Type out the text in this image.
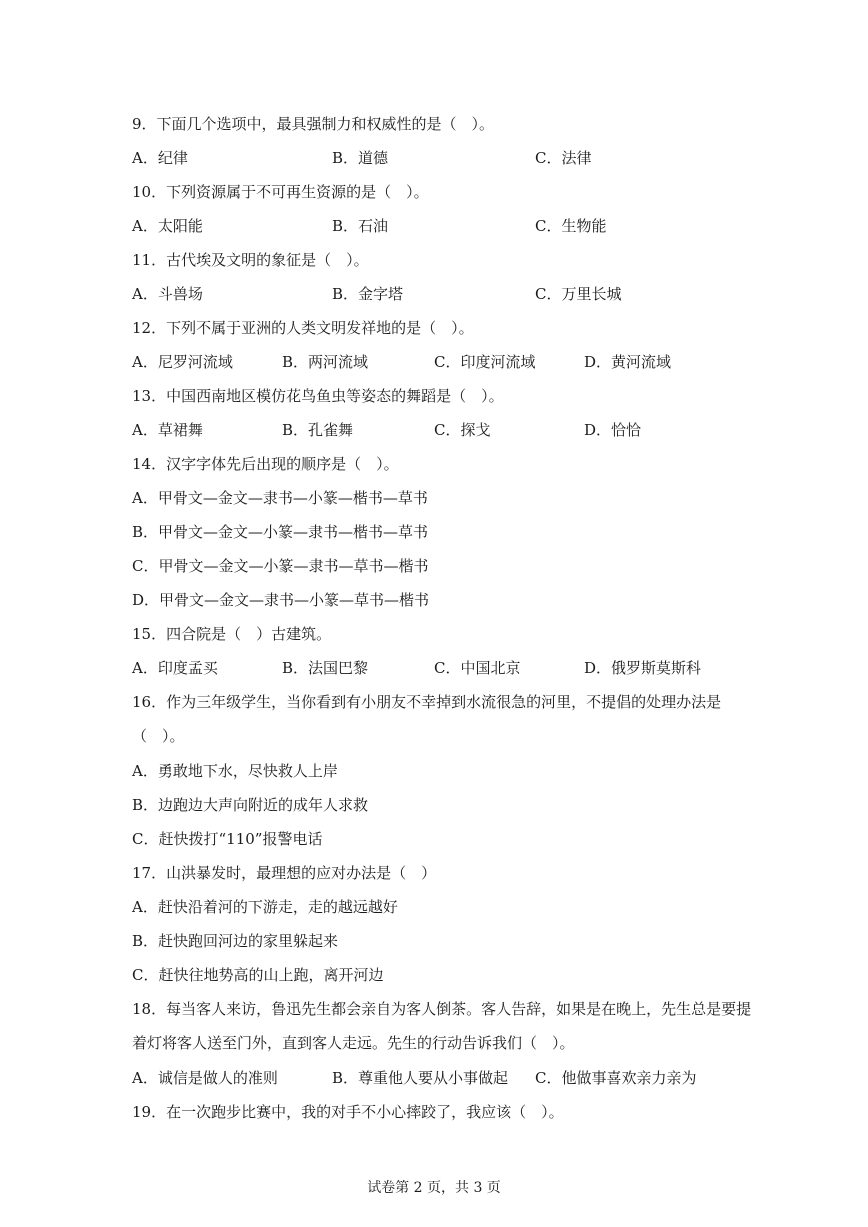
9．下面几个选项中，最具强制力和权威性的是（　）。
A．纪律	B．道德	C．法律
10．下列资源属于不可再生资源的是（　）。
A．太阳能	B．石油	C．生物能
11．古代埃及文明的象征是（　）。
A．斗兽场	B．金字塔	C．万里长城
12．下列不属于亚洲的人类文明发祥地的是（　）。
A．尼罗河流域	B．两河流域	C．印度河流域	D．黄河流域
13．中国西南地区模仿花鸟鱼虫等姿态的舞蹈是（　）。
A．草裙舞	B．孔雀舞	C．探戈	D．恰恰
14．汉字字体先后出现的顺序是（　）。
A．甲骨文—金文—隶书—小篆—楷书—草书
B．甲骨文—金文—小篆—隶书—楷书—草书
C．甲骨文—金文—小篆—隶书—草书—楷书
D．甲骨文—金文—隶书—小篆—草书—楷书
15．四合院是（　）古建筑。
A．印度孟买	B．法国巴黎	C．中国北京	D．俄罗斯莫斯科
16．作为三年级学生，当你看到有小朋友不幸掉到水流很急的河里，不提倡的处理办法是（　）。
A．勇敢地下水，尽快救人上岸
B．边跑边大声向附近的成年人求救
C．赶快拨打“110”报警电话
17．山洪暴发时，最理想的应对办法是（　）
A．赶快沿着河的下游走，走的越远越好
B．赶快跑回河边的家里躲起来
C．赶快往地势高的山上跑，离开河边
18．每当客人来访，鲁迅先生都会亲自为客人倒茶。客人告辞，如果是在晚上，先生总是要提着灯将客人送至门外，直到客人走远。先生的行动告诉我们（　）。
A．诚信是做人的准则	B．尊重他人要从小事做起 C．他做事喜欢亲力亲为
19．在一次跑步比赛中，我的对手不小心摔跤了，我应该（　）。
试卷第 2 页，共 3 页
